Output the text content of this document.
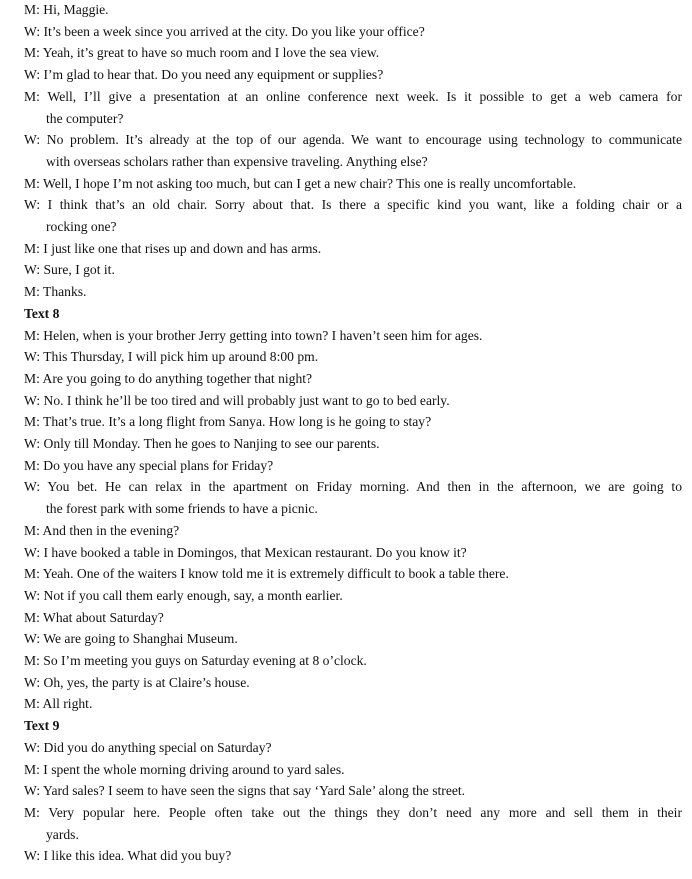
M: Hi, Maggie.
W: It’s been a week since you arrived at the city. Do you like your office?
M: Yeah, it’s great to have so much room and I love the sea view.
W: I’m glad to hear that. Do you need any equipment or supplies?
M: Well, I’ll give a presentation at an online conference next week. Is it possible to get a web camera for
the computer?
W: No problem. It’s already at the top of our agenda. We want to encourage using technology to communicate
with overseas scholars rather than expensive traveling. Anything else?
M: Well, I hope I’m not asking too much, but can I get a new chair? This one is really uncomfortable.
W: I think that’s an old chair. Sorry about that. Is there a specific kind you want, like a folding chair or a
rocking one?
M: I just like one that rises up and down and has arms.
W: Sure, I got it.
M: Thanks.
Text 8
M: Helen, when is your brother Jerry getting into town? I haven’t seen him for ages.
W: This Thursday, I will pick him up around 8:00 pm.
M: Are you going to do anything together that night?
W: No. I think he’ll be too tired and will probably just want to go to bed early.
M: That’s true. It’s a long flight from Sanya. How long is he going to stay?
W: Only till Monday. Then he goes to Nanjing to see our parents.
M: Do you have any special plans for Friday?
W: You bet. He can relax in the apartment on Friday morning. And then in the afternoon, we are going to
the forest park with some friends to have a picnic.
M: And then in the evening?
W: I have booked a table in Domingos, that Mexican restaurant. Do you know it?
M: Yeah. One of the waiters I know told me it is extremely difficult to book a table there.
W: Not if you call them early enough, say, a month earlier.
M: What about Saturday?
W: We are going to Shanghai Museum.
M: So I’m meeting you guys on Saturday evening at 8 o’clock.
W: Oh, yes, the party is at Claire’s house.
M: All right.
Text 9
W: Did you do anything special on Saturday?
M: I spent the whole morning driving around to yard sales.
W: Yard sales? I seem to have seen the signs that say ‘Yard Sale’ along the street.
M: Very popular here. People often take out the things they don’t need any more and sell them in their
yards.
W: I like this idea. What did you buy?
